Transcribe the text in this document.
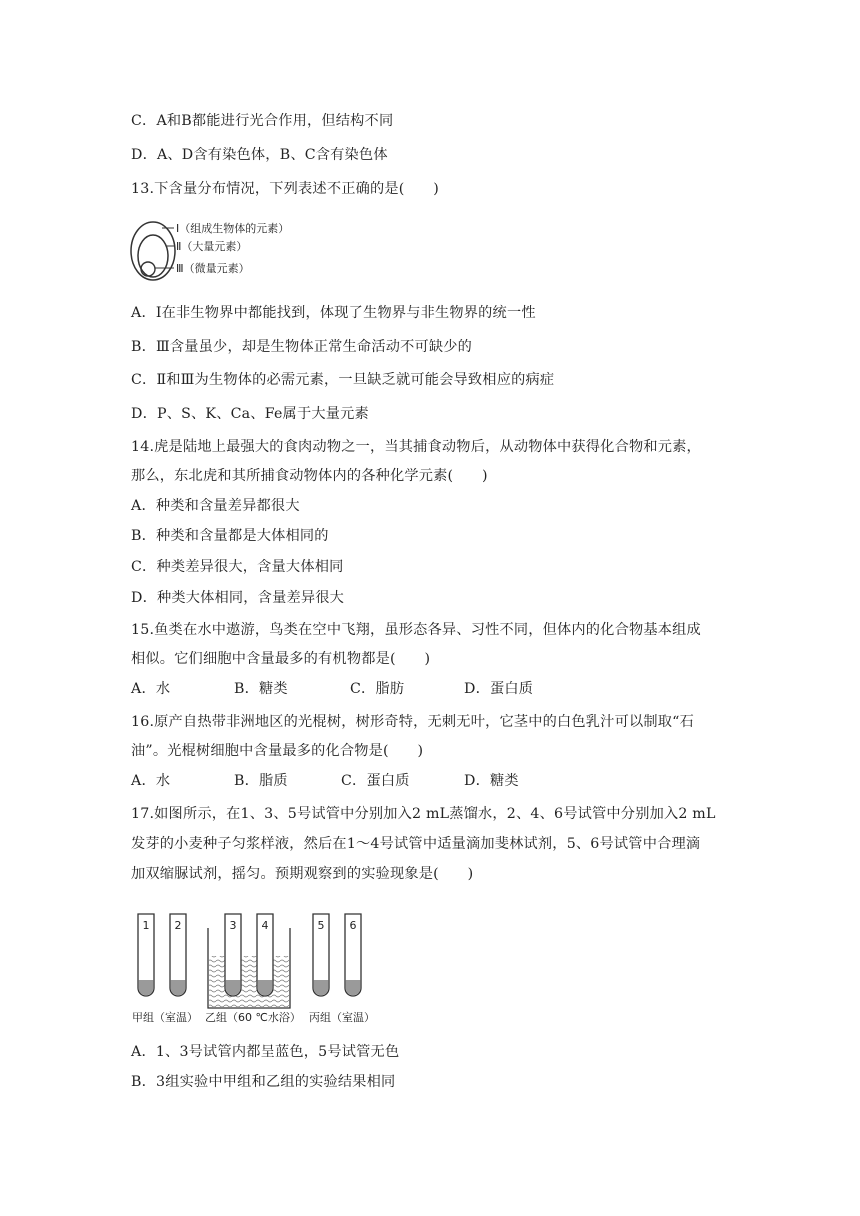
C．A和B都能进行光合作用，但结构不同
D．A、D含有染色体，B、C含有染色体
13.下含量分布情况，下列表述不正确的是(　　)
Ⅰ（组成生物体的元素）
Ⅱ（大量元素）
Ⅲ（微量元素）
A．Ⅰ在非生物界中都能找到，体现了生物界与非生物界的统一性
B．Ⅲ含量虽少，却是生物体正常生命活动不可缺少的
C．Ⅱ和Ⅲ为生物体的必需元素，一旦缺乏就可能会导致相应的病症
D．P、S、K、Ca、Fe属于大量元素
14.虎是陆地上最强大的食肉动物之一，当其捕食动物后，从动物体中获得化合物和元素，
那么，东北虎和其所捕食动物体内的各种化学元素(　　)
A．种类和含量差异都很大
B．种类和含量都是大体相同的
C．种类差异很大，含量大体相同
D．种类大体相同，含量差异很大
15.鱼类在水中遨游，鸟类在空中飞翔，虽形态各异、习性不同，但体内的化合物基本组成
相似。它们细胞中含量最多的有机物都是(　　)
A．水	B．糖类	C．脂肪	D．蛋白质
16.原产自热带非洲地区的光棍树，树形奇特，无刺无叶，它茎中的白色乳汁可以制取“石
油”。光棍树细胞中含量最多的化合物是(　　)
A．水	B．脂质	C．蛋白质	D．糖类
17.如图所示，在1、3、5号试管中分别加入2 mL蒸馏水，2、4、6号试管中分别加入2 mL
发芽的小麦种子匀浆样液，然后在1～4号试管中适量滴加斐林试剂，5、6号试管中合理滴
加双缩脲试剂，摇匀。预期观察到的实验现象是(　　)
1 2	3 4	5 6
甲组（室温） 乙组（60 ℃水浴） 丙组（室温）
A．1、3号试管内都呈蓝色，5号试管无色
B．3组实验中甲组和乙组的实验结果相同
